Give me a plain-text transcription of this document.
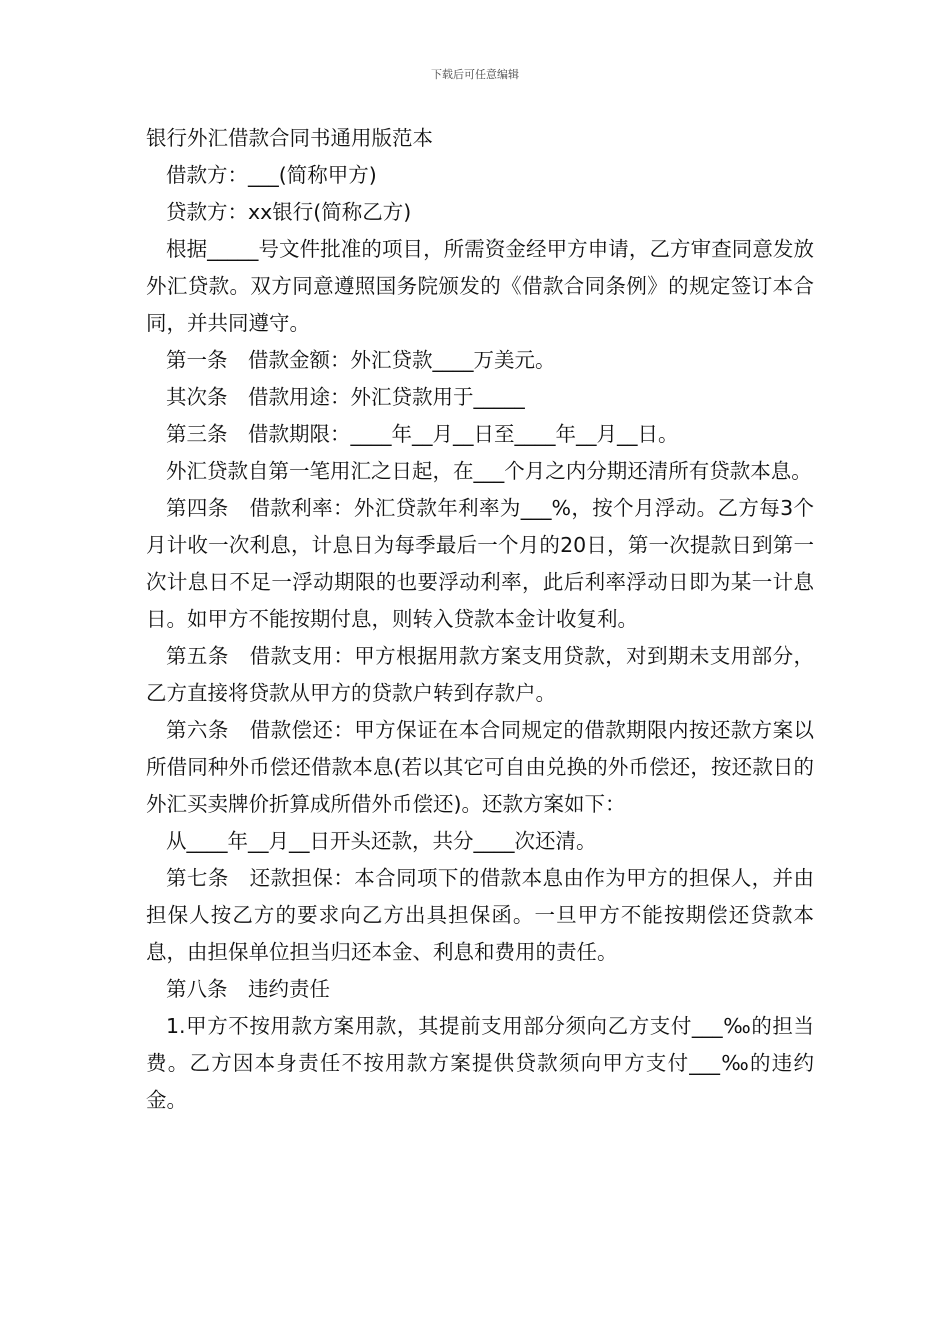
下载后可任意编辑
银行外汇借款合同书通用版范本

借款方：___(简称甲方)

贷款方：xx银行(简称乙方)

根据_____号文件批准的项目，所需资金经甲方申请，乙方审查同意发放外汇贷款。双方同意遵照国务院颁发的《借款合同条例》的规定签订本合同，并共同遵守。

第一条　借款金额：外汇贷款____万美元。

其次条　借款用途：外汇贷款用于_____

第三条　借款期限：____年__月__日至____年__月__日。

外汇贷款自第一笔用汇之日起，在___个月之内分期还清所有贷款本息。

第四条　借款利率：外汇贷款年利率为___%，按个月浮动。乙方每3个月计收一次利息，计息日为每季最后一个月的20日，第一次提款日到第一次计息日不足一浮动期限的也要浮动利率，此后利率浮动日即为某一计息日。如甲方不能按期付息，则转入贷款本金计收复利。

第五条　借款支用：甲方根据用款方案支用贷款，对到期未支用部分，乙方直接将贷款从甲方的贷款户转到存款户。

第六条　借款偿还：甲方保证在本合同规定的借款期限内按还款方案以所借同种外币偿还借款本息(若以其它可自由兑换的外币偿还，按还款日的外汇买卖牌价折算成所借外币偿还)。还款方案如下：

从____年__月__日开头还款，共分____次还清。

第七条　还款担保：本合同项下的借款本息由作为甲方的担保人，并由担保人按乙方的要求向乙方出具担保函。一旦甲方不能按期偿还贷款本息，由担保单位担当归还本金、利息和费用的责任。

第八条　违约责任

1.甲方不按用款方案用款，其提前支用部分须向乙方支付___‰的担当费。乙方因本身责任不按用款方案提供贷款须向甲方支付___‰的违约金。
